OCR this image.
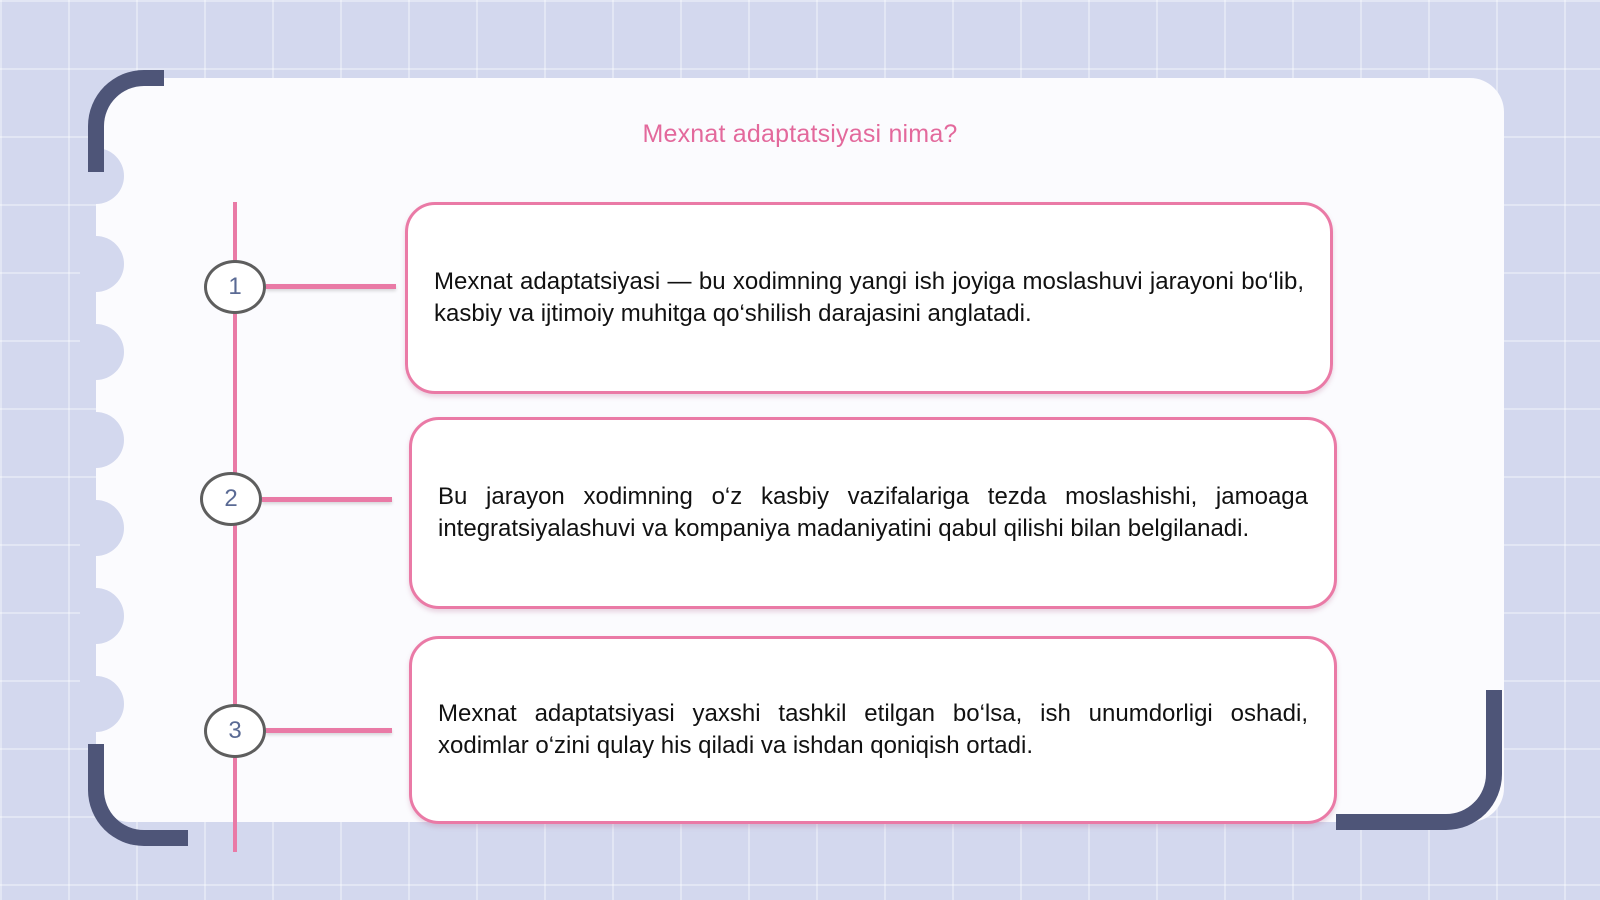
Mexnat adaptatsiyasi nima?
1	Mexnat adaptatsiyasi — bu xodimning yangi ish joyiga moslashuvi jarayoni bo‘lib, kasbiy va ijtimoiy muhitga qo‘shilish darajasini anglatadi.

2	Bu jarayon xodimning o‘z kasbiy vazifalariga tezda moslashishi, jamoaga integratsiyalashuvi va kompaniya madaniyatini qabul qilishi bilan belgilanadi.

3

Mexnat adaptatsiyasi yaxshi tashkil etilgan bo‘lsa, ish unumdorligi oshadi, xodimlar o‘zini qulay his qiladi va ishdan qoniqish ortadi.
